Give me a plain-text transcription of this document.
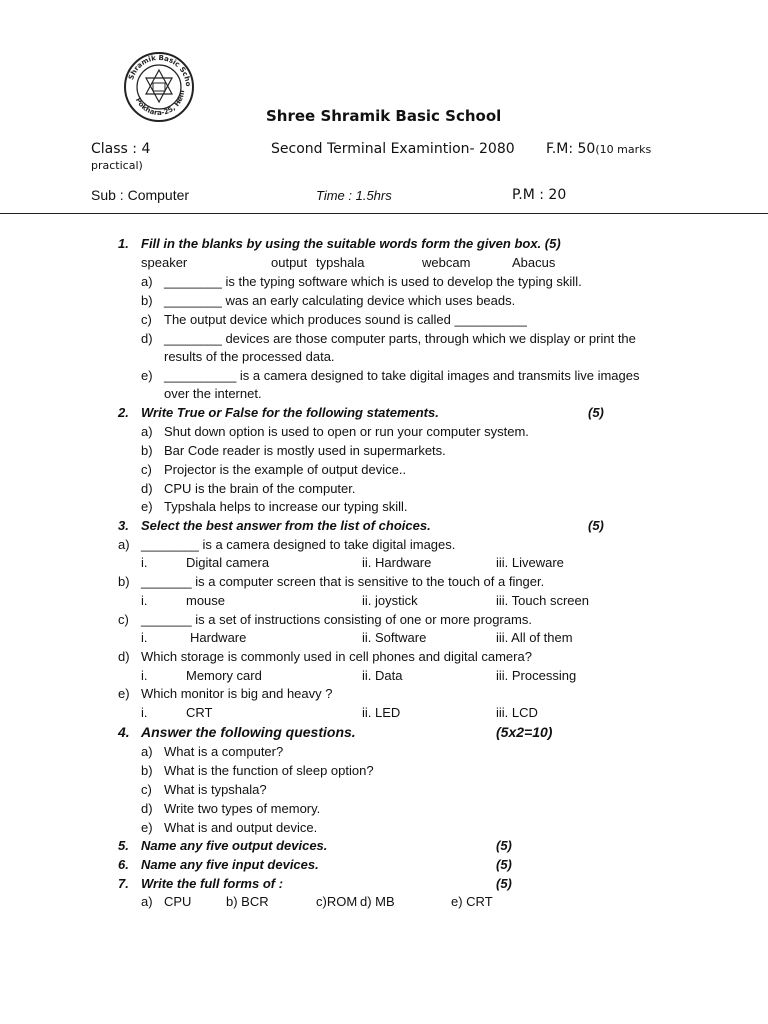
Shramik Basic Scho
Pokhara-25, Hem
Shree Shramik Basic School
Class : 4	Second Terminal Examintion- 2080 F.M: 50(10 marks
practical)
Sub : Computer	Time : 1.5hrs	P.M : 20
1. Fill in the blanks by using the suitable words form the given box. (5)
speaker	output typshala	webcam	Abacus
a) ________ is the typing software which is used to develop the typing skill.
b) ________ was an early calculating device which uses beads.
c) The output device which produces sound is called __________
d) ________ devices are those computer parts, through which we display or print the
results of the processed data.
e) __________ is a camera designed to take digital images and transmits live images
over the internet.
2. Write True or False for the following statements.	(5)
a) Shut down option is used to open or run your computer system.
b) Bar Code reader is mostly used in supermarkets.
c) Projector is the example of output device..
d) CPU is the brain of the computer.
e) Typshala helps to increase our typing skill.
3. Select the best answer from the list of choices.	(5)
a) ________ is a camera designed to take digital images.
i.	Digital camera	ii. Hardware	iii. Liveware
b) _______ is a computer screen that is sensitive to the touch of a finger.
i.	mouse	ii. joystick	iii. Touch screen
c) _______ is a set of instructions consisting of one or more programs.
i.	Hardware	ii. Software	iii. All of them
d) Which storage is commonly used in cell phones and digital camera?
i.	Memory card	ii. Data	iii. Processing
e) Which monitor is big and heavy ?
i.	CRT	ii. LED	iii. LCD
4. Answer the following questions.	(5x2=10)
a) What is a computer?
b) What is the function of sleep option?
c) What is typshala?
d) Write two types of memory.
e) What is and output device.
5. Name any five output devices.	(5)
6. Name any five input devices.	(5)
7. Write the full forms of :	(5)
a) CPU	b) BCR	c)ROM d) MB	e) CRT
